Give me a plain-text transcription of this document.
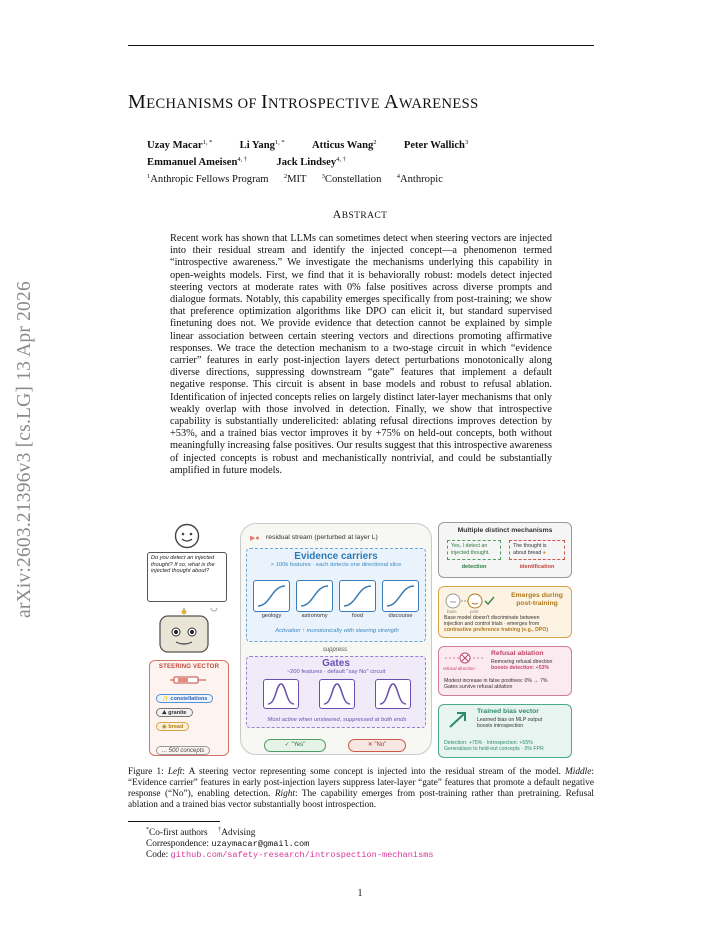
arXiv:2603.21396v3 [cs.LG] 13 Apr 2026
MECHANISMS OF INTROSPECTIVE AWARENESS
Uzay Macar$^{1, *}$	Li Yang$^{1, *}$	Atticus Wang$^2$	Peter Wallich$^3$
Emmanuel Ameisen$^{4, \dagger}$	Jack Lindsey$^{4, \dagger}$
$^1$Anthropic Fellows Program $^2$MIT $^3$Constellation $^4$Anthropic
ABSTRACT
Recent work has shown that LLMs can sometimes detect when steering vectors are injected into their residual stream and identify the injected concept—a phenomenon termed “introspective awareness.” We investigate the mechanisms underlying this capability in open-weights models. First, we find that it is behaviorally robust: models detect injected steering vectors at moderate rates with 0% false positives across diverse prompts and dialogue formats. Notably, this capability emerges specifically from post-training; we show that preference optimization algorithms like DPO can elicit it, but standard supervised finetuning does not. We provide evidence that detection cannot be explained by simple linear association between certain steering vectors and directions promoting affirmative responses. We trace the detection mechanism to a two-stage circuit in which “evidence carrier” features in early post-injection layers detect perturbations monotonically along diverse directions, suppressing downstream “gate” features that implement a default negative response. This circuit is absent in base models and robust to refusal ablation. Identification of injected concepts relies on largely distinct later-layer mechanisms that only weakly overlap with those involved in detection. Finally, we show that introspective capability is substantially underelicited: ablating refusal directions improves detection by +53%, and a trained bias vector improves it by +75% on held-out concepts, both without meaningfully increasing false positives. Our results suggest that this introspective awareness of injected concepts is robust and mechanistically nontrivial, and could be substantially amplified in future models.
Do you detect an injected thought? If so, what is the injected thought about?
STEERING VECTOR
✨ constellations
⛰ granite
◉ bread
... 500 concepts
▶● residual stream (perturbed at layer L)
Evidence carriers
> 100k features · each detects one directional slice
geology	astronomy	food	discourse
Activation ↑ monotonically with steering strength
suppress
Gates
~200 features · default "say No" circuit
Most active when unsteered, suppressed at both ends
✓ "Yes"	✕ "No"
Multiple distinct mechanisms
Yes, I detect an
injected thought.
The thought is
about bread ●
detection	identification
base	post
Emerges during
post-training
Base model doesn't discriminate between
injection and control trials · emerges from
contrastive preference training (e.g., DPO)
refusal direction
Refusal ablation
Removing refusal direction
boosts detection: +53%
Modest increase in false positives: 0% → 7%
Gates survive refusal ablation
Trained bias vector
Learned bias on MLP output
boosts introspection
Detection: +75% · Introspection: +55%
Generalizes to held-out concepts · 0% FPR
Figure 1: Left: A steering vector representing some concept is injected into the residual stream of the model. Middle: “Evidence carrier” features in early post-injection layers suppress later-layer “gate” features that promote a default negative response (“No”), enabling detection. Right: The capability emerges from post-training rather than pretraining. Refusal ablation and a trained bias vector substantially boost introspection.
*Co-first authors †Advising
Correspondence: uzaymacar@gmail.com
Code: github.com/safety-research/introspection-mechanisms
1
